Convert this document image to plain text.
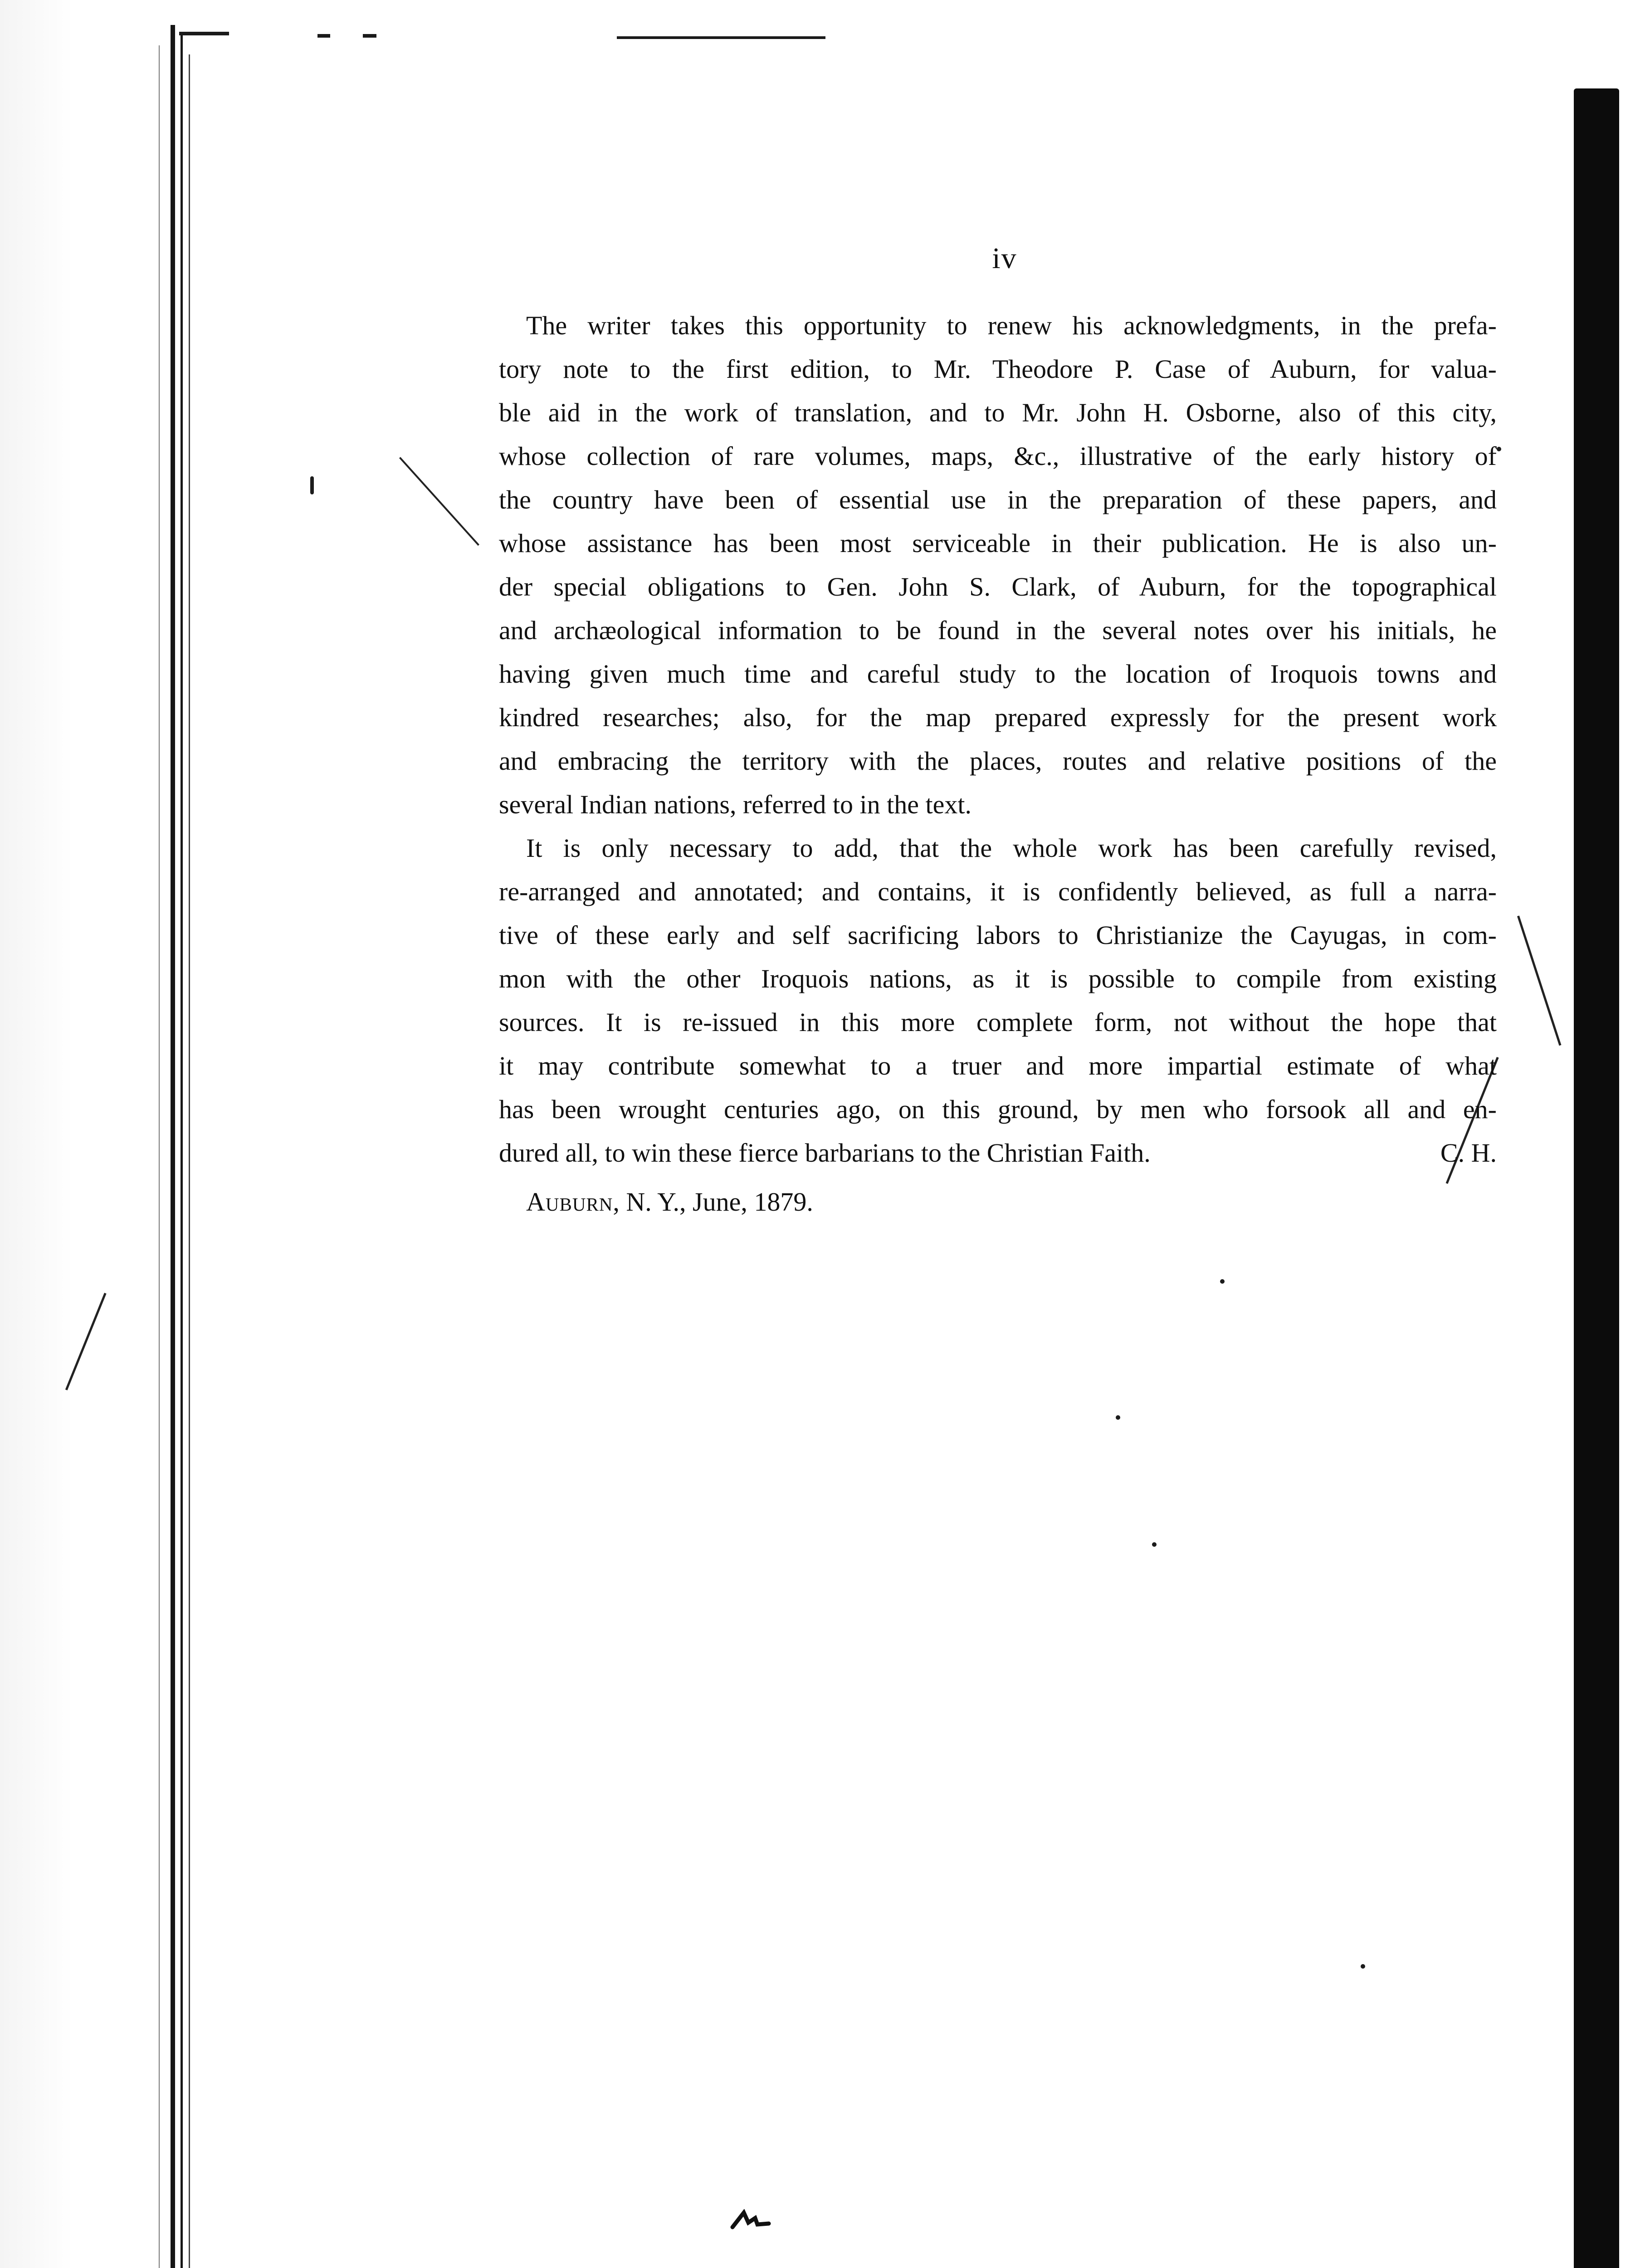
iv
The writer takes this opportunity to renew his acknowledgments, in the prefa-
tory note to the first edition, to Mr. Theodore P. Case of Auburn, for valua-
ble aid in the work of translation, and to Mr. John H. Osborne, also of this city,
whose collection of rare volumes, maps, &c., illustrative of the early history of
the country have been of essential use in the preparation of these papers, and
whose assistance has been most serviceable in their publication. He is also un-
der special obligations to Gen. John S. Clark, of Auburn, for the topographical
and archæological information to be found in the several notes over his initials, he
having given much time and careful study to the location of Iroquois towns and
kindred researches; also, for the map prepared expressly for the present work
and embracing the territory with the places, routes and relative positions of the
several Indian nations, referred to in the text.
It is only necessary to add, that the whole work has been carefully revised,
re-arranged and annotated; and contains, it is confidently believed, as full a narra-
tive of these early and self sacrificing labors to Christianize the Cayugas, in com-
mon with the other Iroquois nations, as it is possible to compile from existing
sources. It is re-issued in this more complete form, not without the hope that
it may contribute somewhat to a truer and more impartial estimate of what
has been wrought centuries ago, on this ground, by men who forsook all and en-
dured all, to win these fierce barbarians to the Christian Faith.	C. H.
Auburn, N. Y., June, 1879.
